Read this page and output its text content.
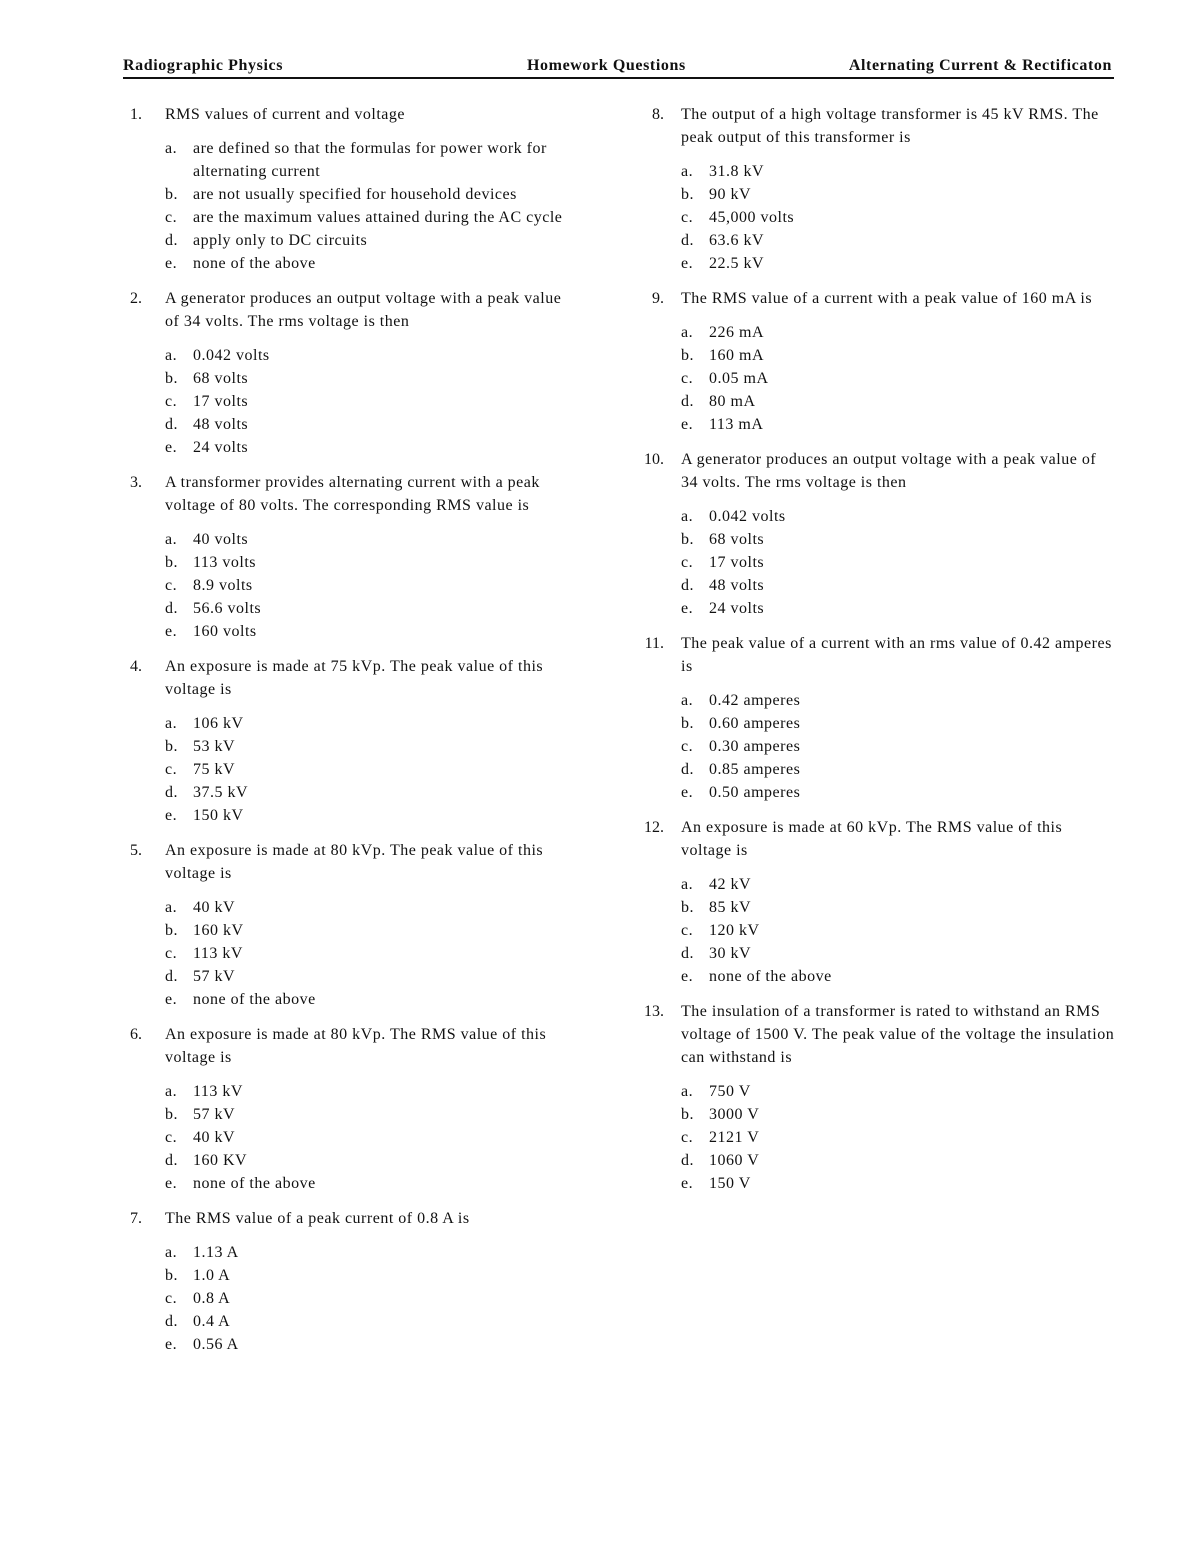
Radiographic Physics	Homework Questions	Alternating Current & Rectificaton
1. RMS values of current and voltage
a. are defined so that the formulas for power work for alternating current
b. are not usually specified for household devices
c. are the maximum values attained during the AC cycle
d. apply only to DC circuits
e. none of the above
2. A generator produces an output voltage with a peak value of 34 volts. The rms voltage is then
a. 0.042 volts
b. 68 volts
c. 17 volts
d. 48 volts
e. 24 volts
3. A transformer provides alternating current with a peak voltage of 80 volts. The corresponding RMS value is
a. 40 volts
b. 113 volts
c. 8.9 volts
d. 56.6 volts
e. 160 volts
4. An exposure is made at 75 kVp. The peak value of this voltage is
a. 106 kV
b. 53 kV
c. 75 kV
d. 37.5 kV
e. 150 kV
5. An exposure is made at 80 kVp. The peak value of this voltage is
a. 40 kV
b. 160 kV
c. 113 kV
d. 57 kV
e. none of the above
6. An exposure is made at 80 kVp. The RMS value of this voltage is
a. 113 kV
b. 57 kV
c. 40 kV
d. 160 KV
e. none of the above
7. The RMS value of a peak current of 0.8 A is
a. 1.13 A
b. 1.0 A
c. 0.8 A
d. 0.4 A
e. 0.56 A
8. The output of a high voltage transformer is 45 kV RMS. The peak output of this transformer is
a. 31.8 kV
b. 90 kV
c. 45,000 volts
d. 63.6 kV
e. 22.5 kV
9. The RMS value of a current with a peak value of 160 mA is
a. 226 mA
b. 160 mA
c. 0.05 mA
d. 80 mA
e. 113 mA
10. A generator produces an output voltage with a peak value of 34 volts. The rms voltage is then
a. 0.042 volts
b. 68 volts
c. 17 volts
d. 48 volts
e. 24 volts
11. The peak value of a current with an rms value of 0.42 amperes is
a. 0.42 amperes
b. 0.60 amperes
c. 0.30 amperes
d. 0.85 amperes
e. 0.50 amperes
12. An exposure is made at 60 kVp. The RMS value of this voltage is
a. 42 kV
b. 85 kV
c. 120 kV
d. 30 kV
e. none of the above
13. The insulation of a transformer is rated to withstand an RMS voltage of 1500 V. The peak value of the voltage the insulation can withstand is
a. 750 V
b. 3000 V
c. 2121 V
d. 1060 V
e. 150 V
